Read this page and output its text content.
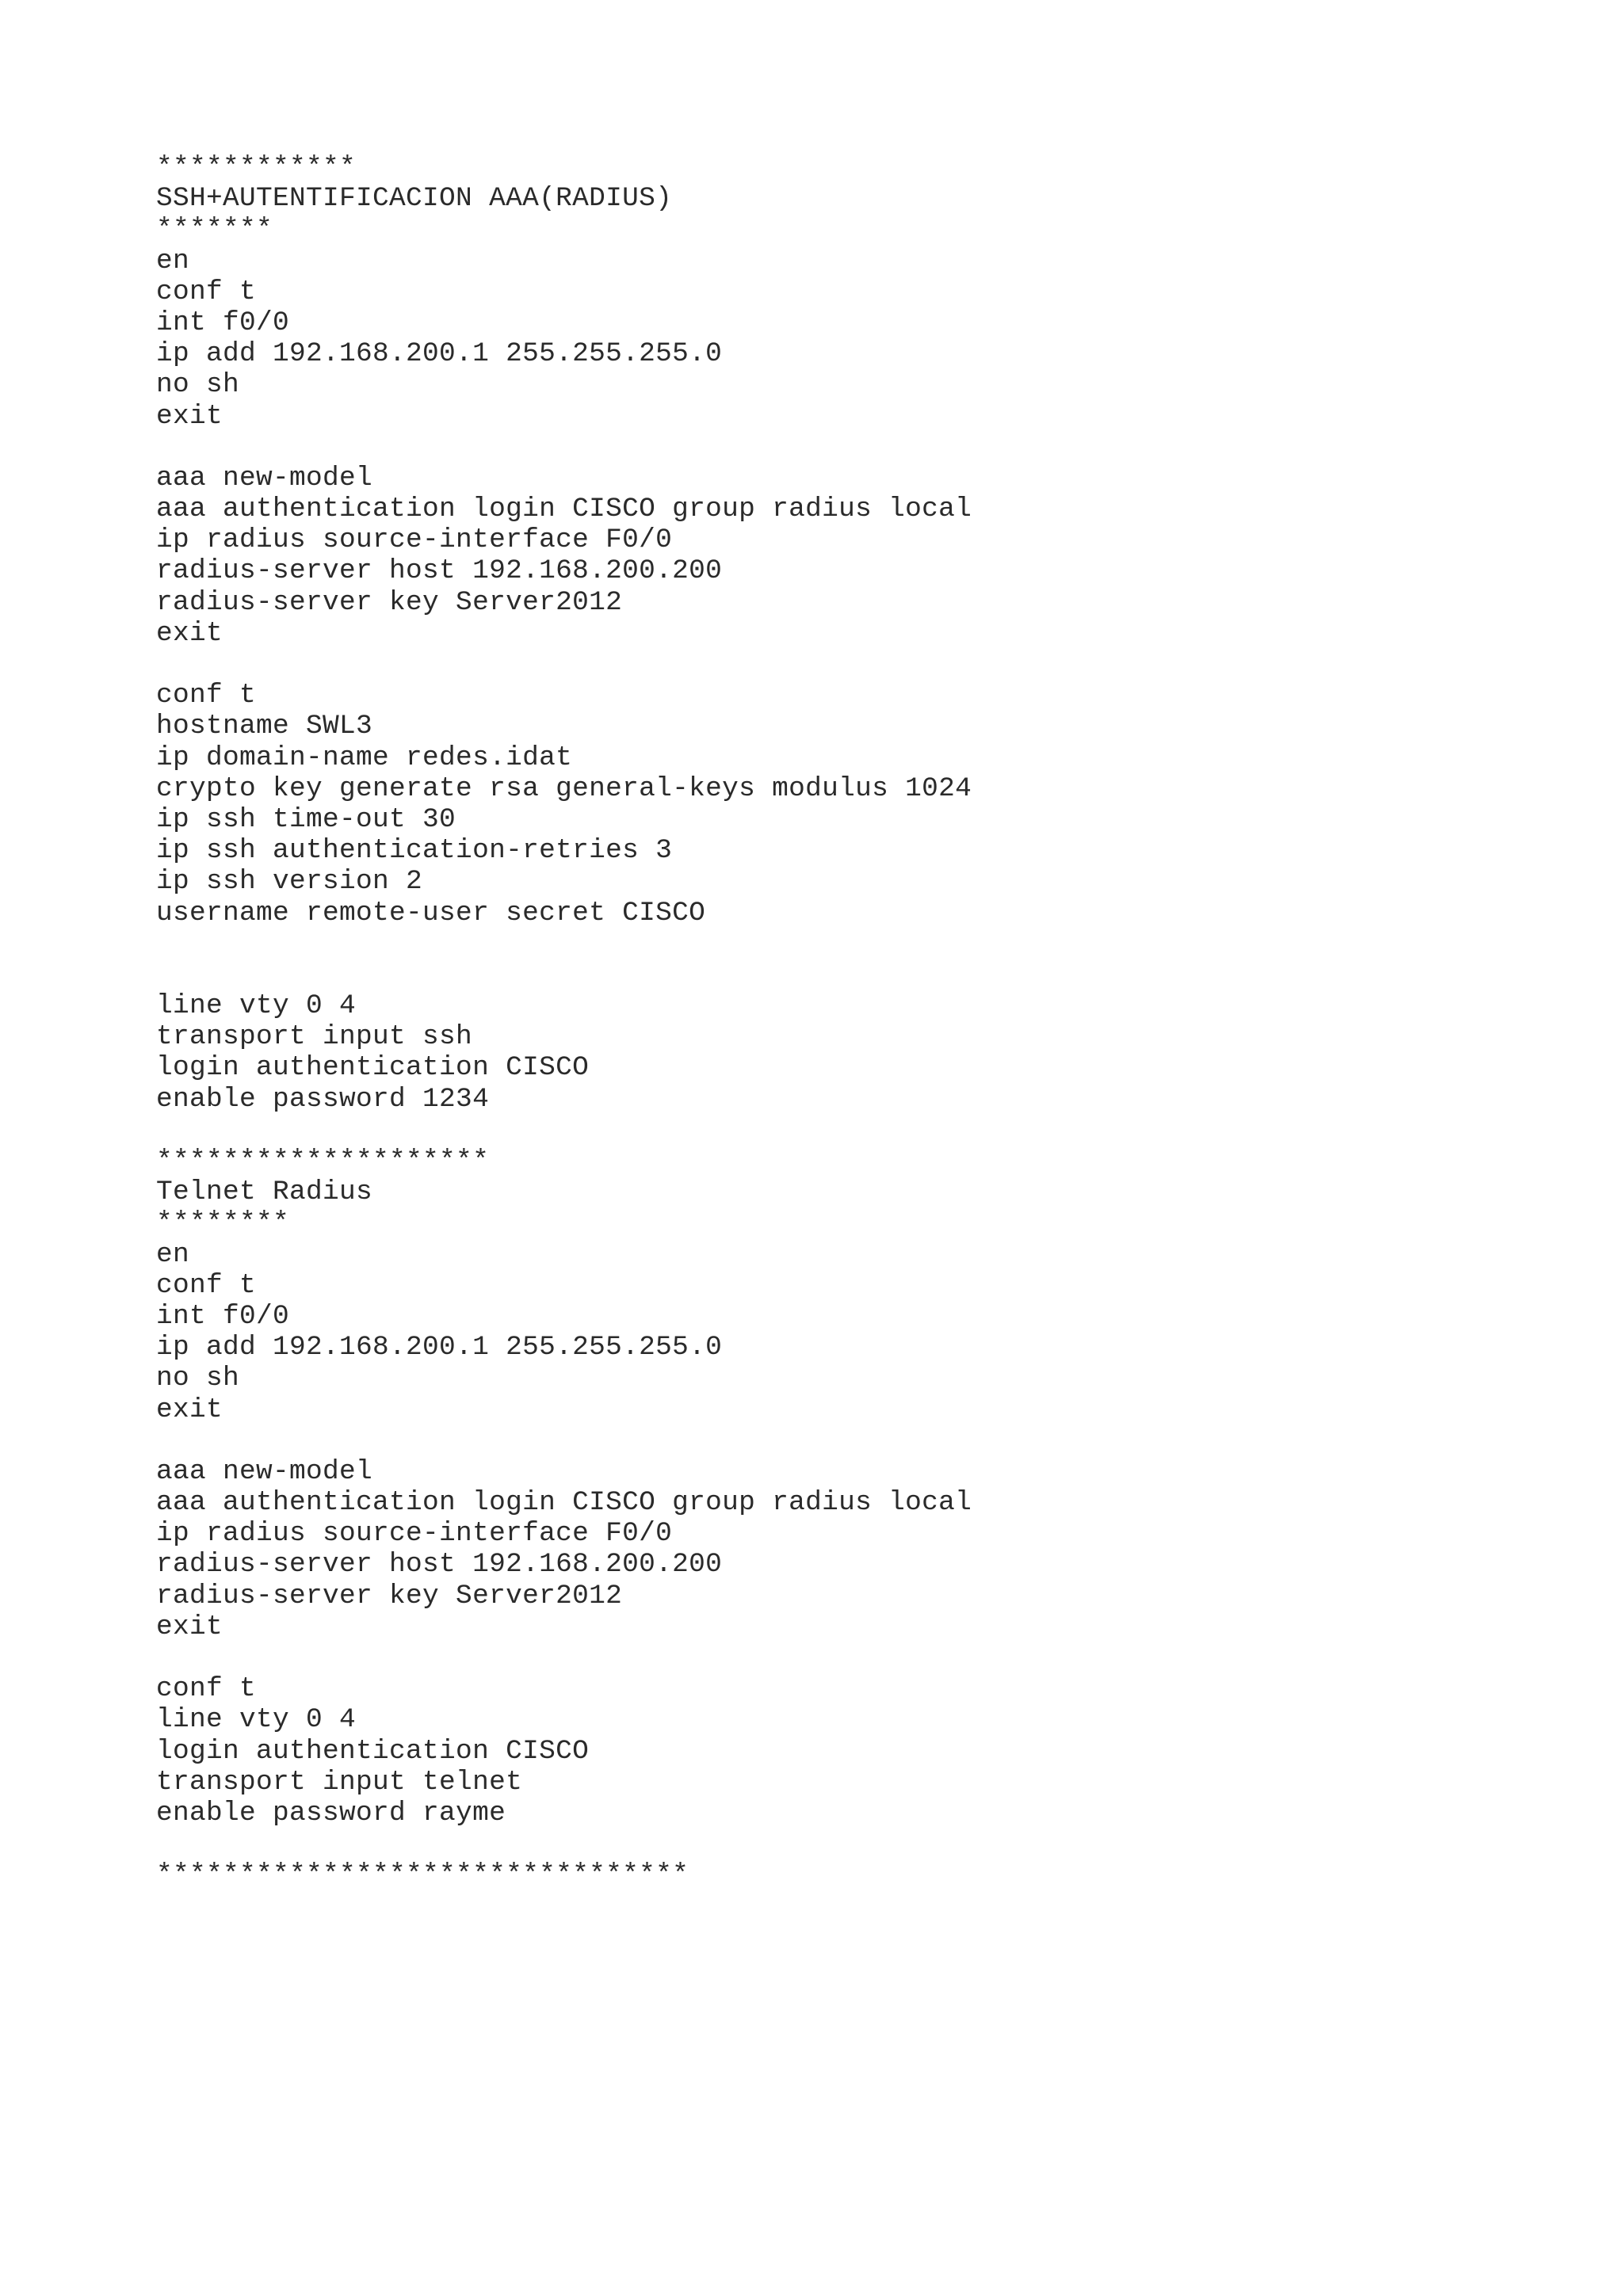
************
SSH+AUTENTIFICACION AAA(RADIUS)
*******
en
conf t
int f0/0
ip add 192.168.200.1 255.255.255.0
no sh
exit
aaa new-model
aaa authentication login CISCO group radius local
ip radius source-interface F0/0
radius-server host 192.168.200.200
radius-server key Server2012
exit
conf t
hostname SWL3
ip domain-name redes.idat
crypto key generate rsa general-keys modulus 1024
ip ssh time-out 30
ip ssh authentication-retries 3
ip ssh version 2
username remote-user secret CISCO
line vty 0 4
transport input ssh
login authentication CISCO
enable password 1234
********************
Telnet Radius
********
en
conf t
int f0/0
ip add 192.168.200.1 255.255.255.0
no sh
exit
aaa new-model
aaa authentication login CISCO group radius local
ip radius source-interface F0/0
radius-server host 192.168.200.200
radius-server key Server2012
exit
conf t
line vty 0 4
login authentication CISCO
transport input telnet
enable password rayme
********************************
